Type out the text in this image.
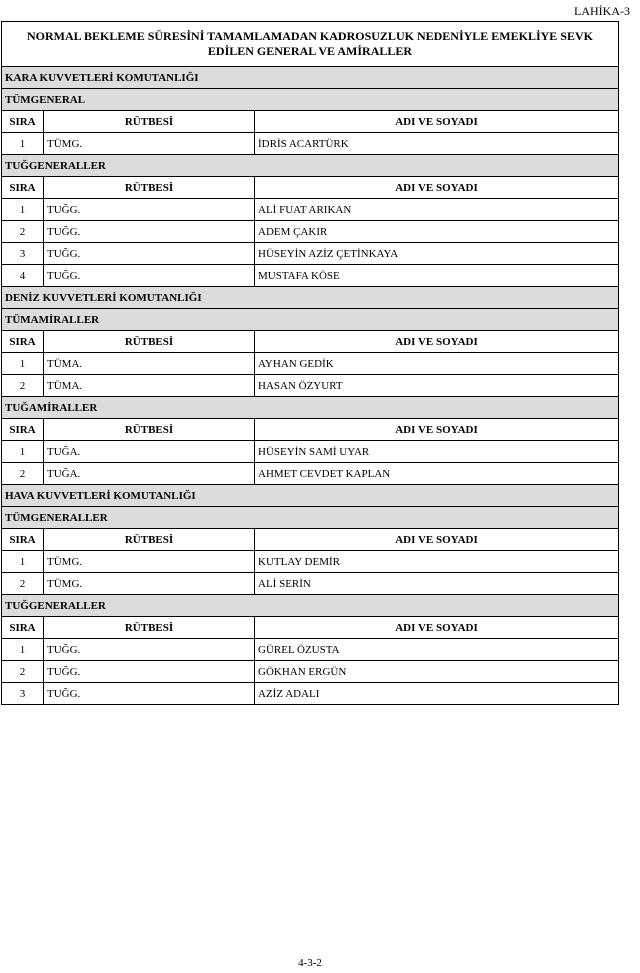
LAHİKA-3
NORMAL BEKLEME SÜRESİNİ TAMAMLAMADAN KADROSUZLUK NEDENİYLE EMEKLİYE SEVK EDİLEN GENERAL VE AMİRALLER		
KARA KUVVETLERİ KOMUTANLIĞI		
TÜMGENERAL		
SIRA	RÜTBESİ	ADI VE SOYADI
1	TÜMG.	İDRİS ACARTÜRK
TUĞGENERALLER		
SIRA	RÜTBESİ	ADI VE SOYADI
1	TUĞG.	ALİ FUAT ARIKAN
2	TUĞG.	ADEM ÇAKIR
3	TUĞG.	HÜSEYİN AZİZ ÇETİNKAYA
4	TUĞG.	MUSTAFA KÖSE
DENİZ KUVVETLERİ KOMUTANLIĞI		
TÜMAMİRALLER		
SIRA	RÜTBESİ	ADI VE SOYADI
1	TÜMA.	AYHAN GEDİK
2	TÜMA.	HASAN ÖZYURT
TUĞAMİRALLER		
SIRA	RÜTBESİ	ADI VE SOYADI
1	TUĞA.	HÜSEYİN SAMİ UYAR
2	TUĞA.	AHMET CEVDET KAPLAN
HAVA KUVVETLERİ KOMUTANLIĞI		
TÜMGENERALLER		
SIRA	RÜTBESİ	ADI VE SOYADI
1	TÜMG.	KUTLAY DEMİR
2	TÜMG.	ALİ SERİN
TUĞGENERALLER		
SIRA	RÜTBESİ	ADI VE SOYADI
1	TUĞG.	GÜREL ÖZUSTA
2	TUĞG.	GÖKHAN ERGÜN
3	TUĞG.	AZİZ ADALI
4-3-2
